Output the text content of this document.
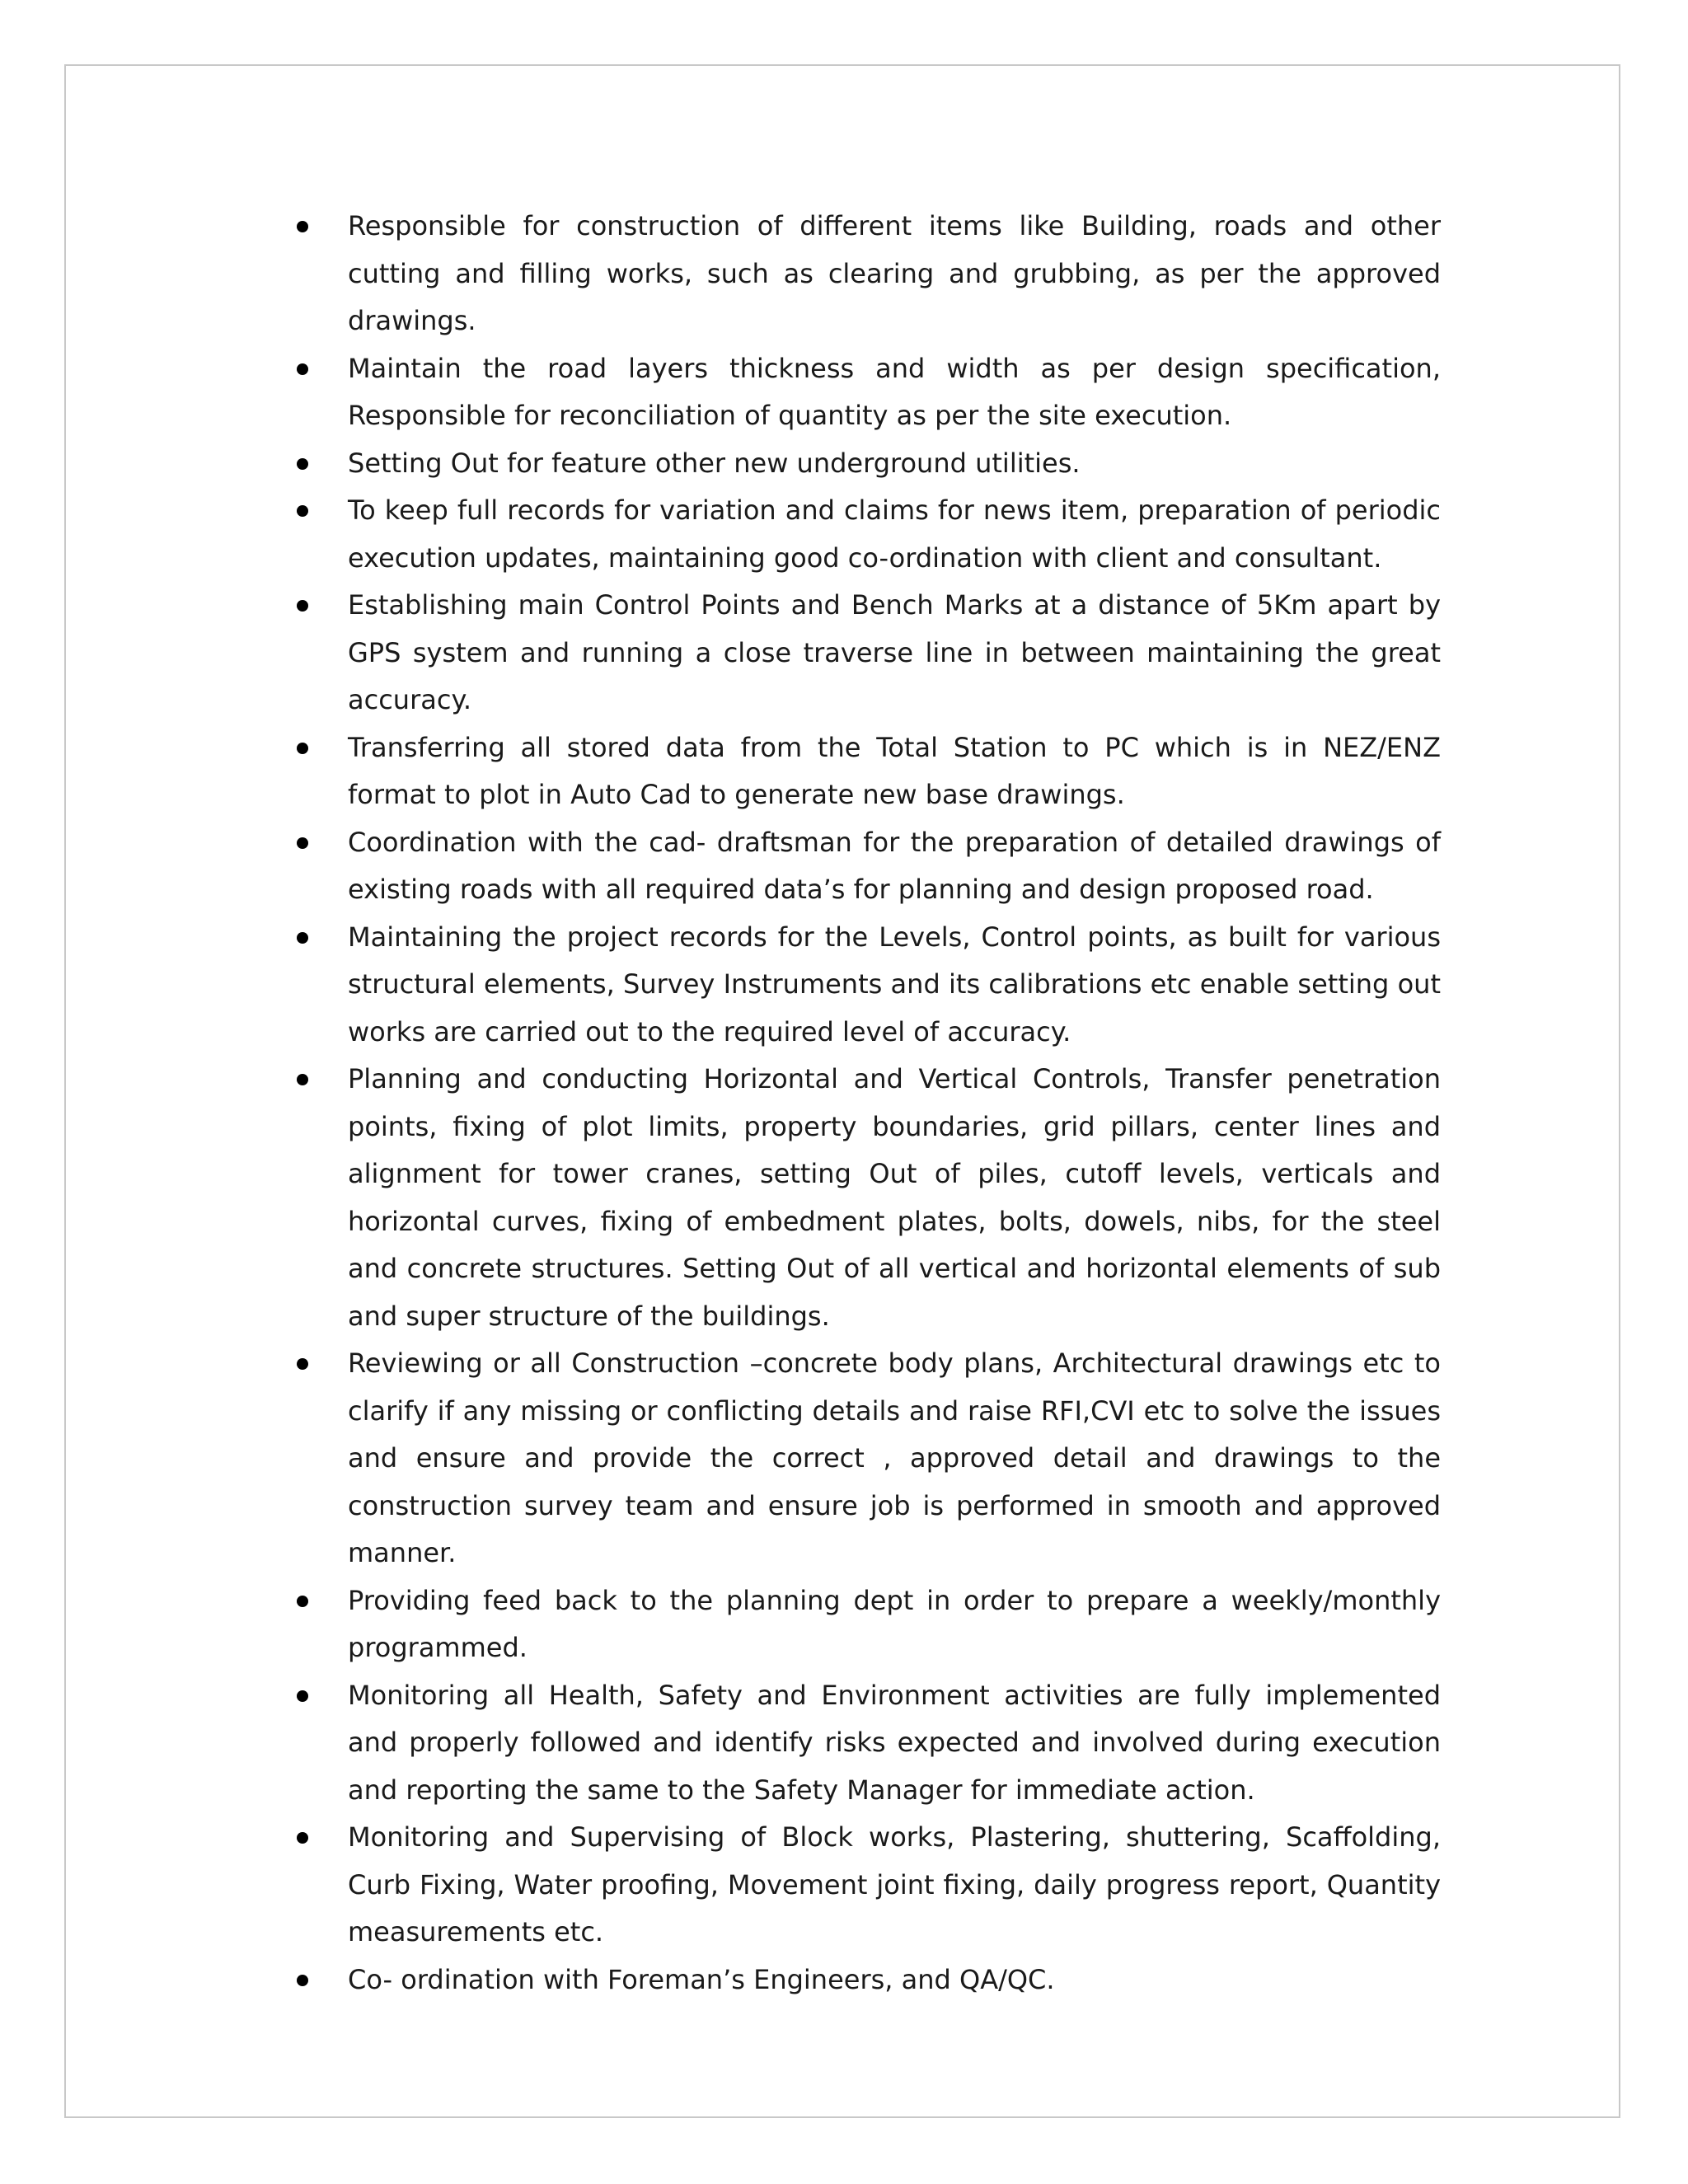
Responsible for construction of different items like Building, roads and other cutting and filling works, such as clearing and grubbing, as per the approved drawings.
Maintain the road layers thickness and width as per design specification, Responsible for reconciliation of quantity as per the site execution.
Setting Out for feature other new underground utilities.
To keep full records for variation and claims for news item, preparation of periodic execution updates, maintaining good co-ordination with client and consultant.
Establishing main Control Points and Bench Marks at a distance of 5Km apart by GPS system and running a close traverse line in between maintaining the great accuracy.
Transferring all stored data from the Total Station to PC which is in NEZ/ENZ format to plot in Auto Cad to generate new base drawings.
Coordination with the cad- draftsman for the preparation of detailed drawings of existing roads with all required data’s for planning and design proposed road.
Maintaining the project records for the Levels, Control points, as built for various structural elements, Survey Instruments and its calibrations etc enable setting out works are carried out to the required level of accuracy.
Planning and conducting Horizontal and Vertical Controls, Transfer penetration points, fixing of plot limits, property boundaries, grid pillars, center lines and alignment for tower cranes, setting Out of piles, cutoff levels, verticals and horizontal curves, fixing of embedment plates, bolts, dowels, nibs, for the steel and concrete structures. Setting Out of all vertical and horizontal elements of sub and super structure of the buildings.
Reviewing or all Construction –concrete body plans, Architectural drawings etc to clarify if any missing or conflicting details and raise RFI,CVI etc to solve the issues and ensure and provide the correct , approved detail and drawings to the construction survey team and ensure job is performed in smooth and approved manner.
Providing feed back to the planning dept in order to prepare a weekly/monthly programmed.
Monitoring all Health, Safety and Environment activities are fully implemented and properly followed and identify risks expected and involved during execution and reporting the same to the Safety Manager for immediate action.
Monitoring and Supervising of Block works, Plastering, shuttering, Scaffolding, Curb Fixing, Water proofing, Movement joint fixing, daily progress report, Quantity measurements etc.
Co- ordination with Foreman’s Engineers, and QA/QC.
